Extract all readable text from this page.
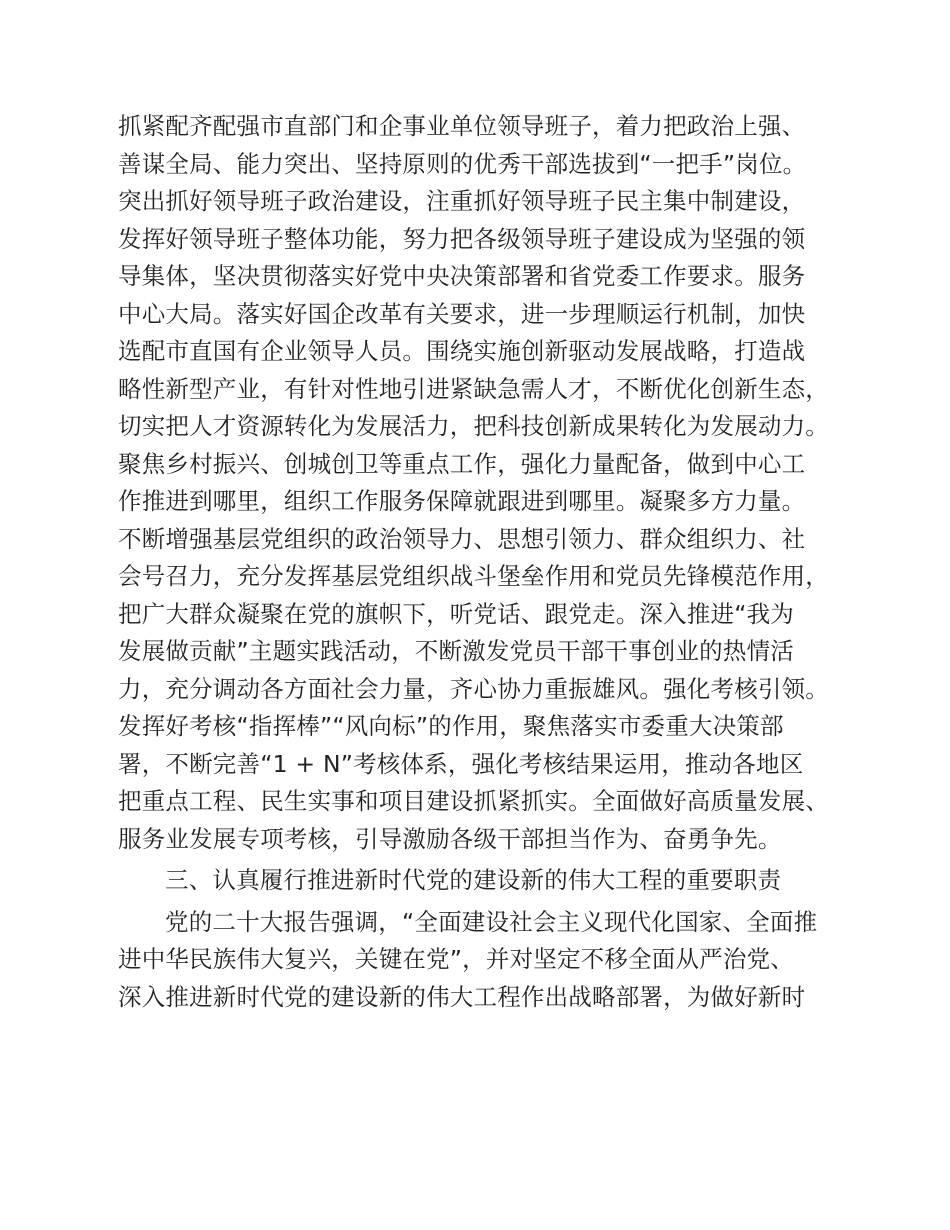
抓紧配齐配强市直部门和企事业单位领导班子，着力把政治上强、
善谋全局、能力突出、坚持原则的优秀干部选拔到“一把手”岗位。
突出抓好领导班子政治建设，注重抓好领导班子民主集中制建设，
发挥好领导班子整体功能，努力把各级领导班子建设成为坚强的领
导集体，坚决贯彻落实好党中央决策部署和省党委工作要求。服务
中心大局。落实好国企改革有关要求，进一步理顺运行机制，加快
选配市直国有企业领导人员。围绕实施创新驱动发展战略，打造战
略性新型产业，有针对性地引进紧缺急需人才，不断优化创新生态，
切实把人才资源转化为发展活力，把科技创新成果转化为发展动力。
聚焦乡村振兴、创城创卫等重点工作，强化力量配备，做到中心工
作推进到哪里，组织工作服务保障就跟进到哪里。凝聚多方力量。
不断增强基层党组织的政治领导力、思想引领力、群众组织力、社
会号召力，充分发挥基层党组织战斗堡垒作用和党员先锋模范作用，
把广大群众凝聚在党的旗帜下，听党话、跟党走。深入推进“我为
发展做贡献”主题实践活动，不断激发党员干部干事创业的热情活
力，充分调动各方面社会力量，齐心协力重振雄风。强化考核引领。
发挥好考核“指挥棒”“风向标”的作用，聚焦落实市委重大决策部
署，不断完善“1 + N”考核体系，强化考核结果运用，推动各地区
把重点工程、民生实事和项目建设抓紧抓实。全面做好高质量发展、
服务业发展专项考核，引导激励各级干部担当作为、奋勇争先。
三、认真履行推进新时代党的建设新的伟大工程的重要职责
党的二十大报告强调，“全面建设社会主义现代化国家、全面推
进中华民族伟大复兴，关键在党”，并对坚定不移全面从严治党、
深入推进新时代党的建设新的伟大工程作出战略部署，为做好新时
